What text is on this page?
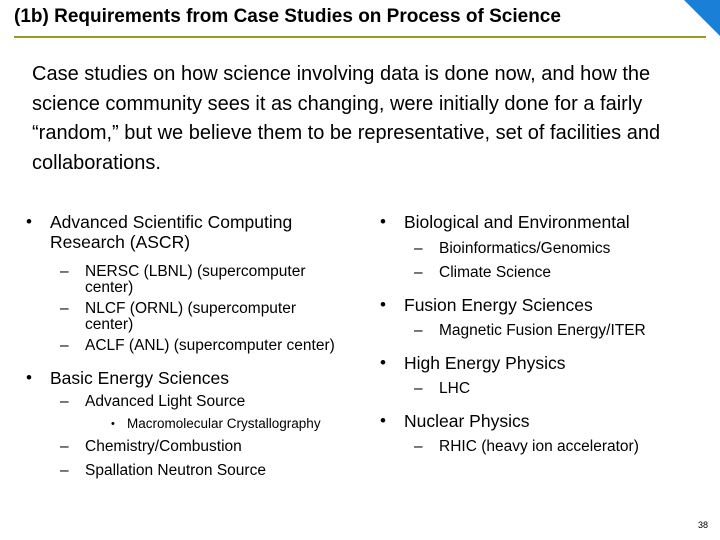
(1b) Requirements from Case Studies on Process of Science
Case studies on how science involving data is done now, and how the science community sees it as changing, were initially done for a fairly “random,” but we believe them to be representative, set of facilities and collaborations.
• Advanced Scientific Computing Research (ASCR)
– NERSC (LBNL) (supercomputer center)
– NLCF (ORNL) (supercomputer center)
– ACLF (ANL) (supercomputer center)
• Basic Energy Sciences
– Advanced Light Source
• Macromolecular Crystallography
– Chemistry/Combustion
– Spallation Neutron Source
• Biological and Environmental
– Bioinformatics/Genomics
– Climate Science
• Fusion Energy Sciences
– Magnetic Fusion Energy/ITER
• High Energy Physics
– LHC
• Nuclear Physics
– RHIC (heavy ion accelerator)
38
